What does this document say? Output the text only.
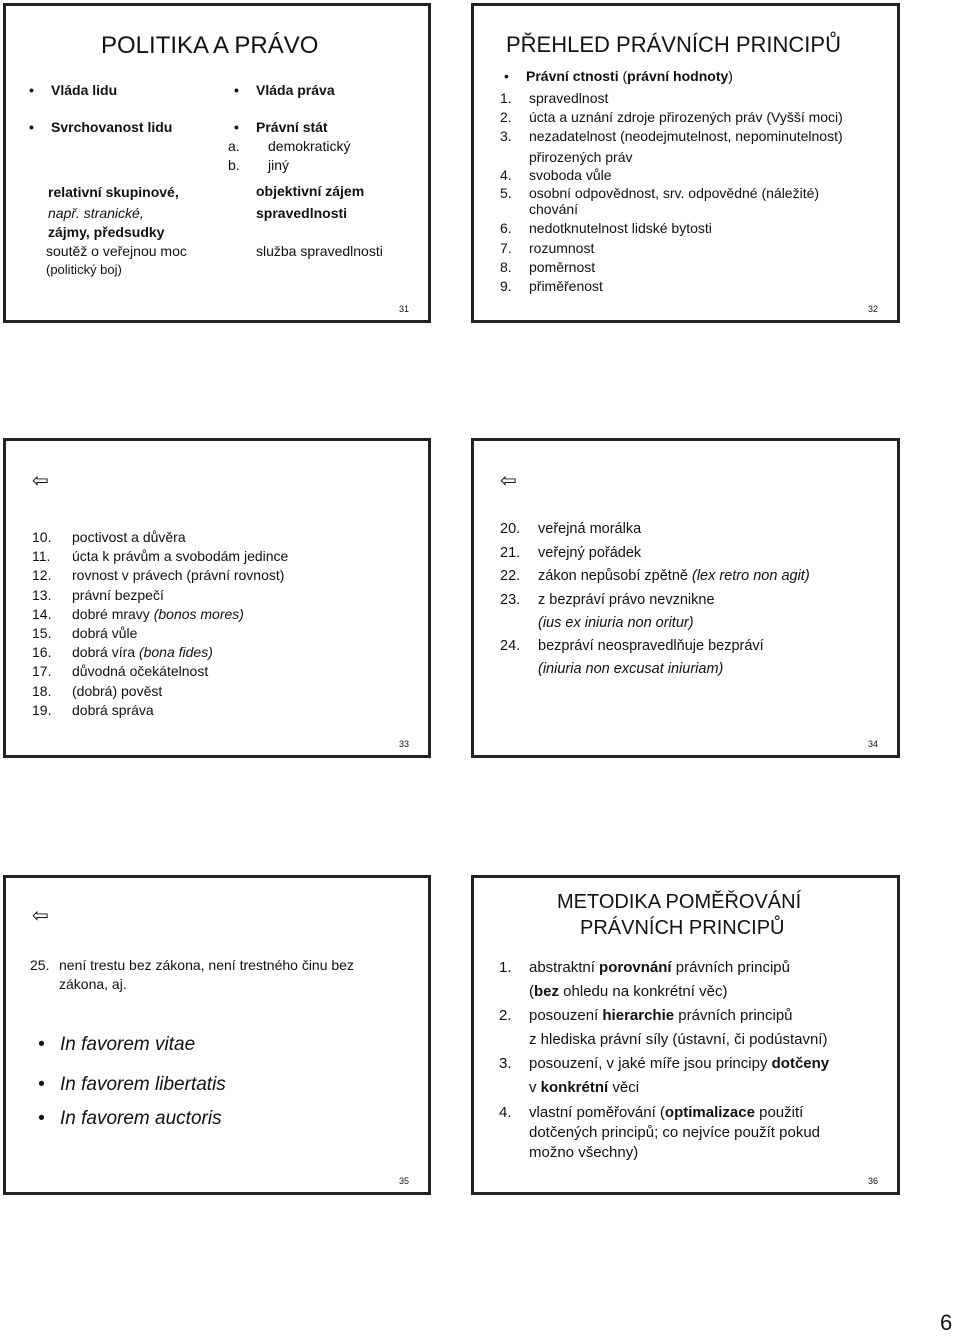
POLITIKA A PRÁVO
• Vláda lidu
• Svrchovanost lidu
relativní skupinové,
např. stranické,
zájmy, předsudky
soutěž o veřejnou moc
(politický boj)
• Vláda práva
• Právní stát
a. demokratický
b. jiný
objektivní zájem
spravedlnosti
služba spravedlnosti
31
PŘEHLED PRÁVNÍCH PRINCIPŮ
• Právní ctnosti (právní hodnoty)
1. spravedlnost
2. úcta a uznání zdroje přirozených práv (Vyšší moci)
3. nezadatelnost (neodejmutelnost, nepominutelnost)
přirozených práv
4. svoboda vůle
5. osobní odpovědnost, srv. odpovědné (náležité)
chování
6. nedotknutelnost lidské bytosti
7. rozumnost
8. poměrnost
9. přiměřenost
32
⇦
10. poctivost a důvěra
11. úcta k právům a svobodám jedince
12. rovnost v právech (právní rovnost)
13. právní bezpečí
14. dobré mravy (bonos mores)
15. dobrá vůle
16. dobrá víra (bona fides)
17. důvodná očekátelnost
18. (dobrá) pověst
19. dobrá správa
33
⇦
20. veřejná morálka
21. veřejný pořádek
22. zákon nepůsobí zpětně (lex retro non agit)
23. z bezpráví právo nevznikne
(ius ex iniuria non oritur)
24. bezpráví neospravedlňuje bezpráví
(iniuria non excusat iniuriam)
34
⇦
25. není trestu bez zákona, není trestného činu bez
zákona, aj.
• In favorem vitae
• In favorem libertatis
• In favorem auctoris
35
METODIKA POMĚŘOVÁNÍ
PRÁVNÍCH PRINCIPŮ
1. abstraktní porovnání právních principů
(bez ohledu na konkrétní věc)
2. posouzení hierarchie právních principů
z hlediska právní síly (ústavní, či podústavní)
3. posouzení, v jaké míře jsou principy dotčeny
v konkrétní věci
4. vlastní poměřování (optimalizace použití
dotčených principů; co nejvíce použít pokud
možno všechny)
36
6
